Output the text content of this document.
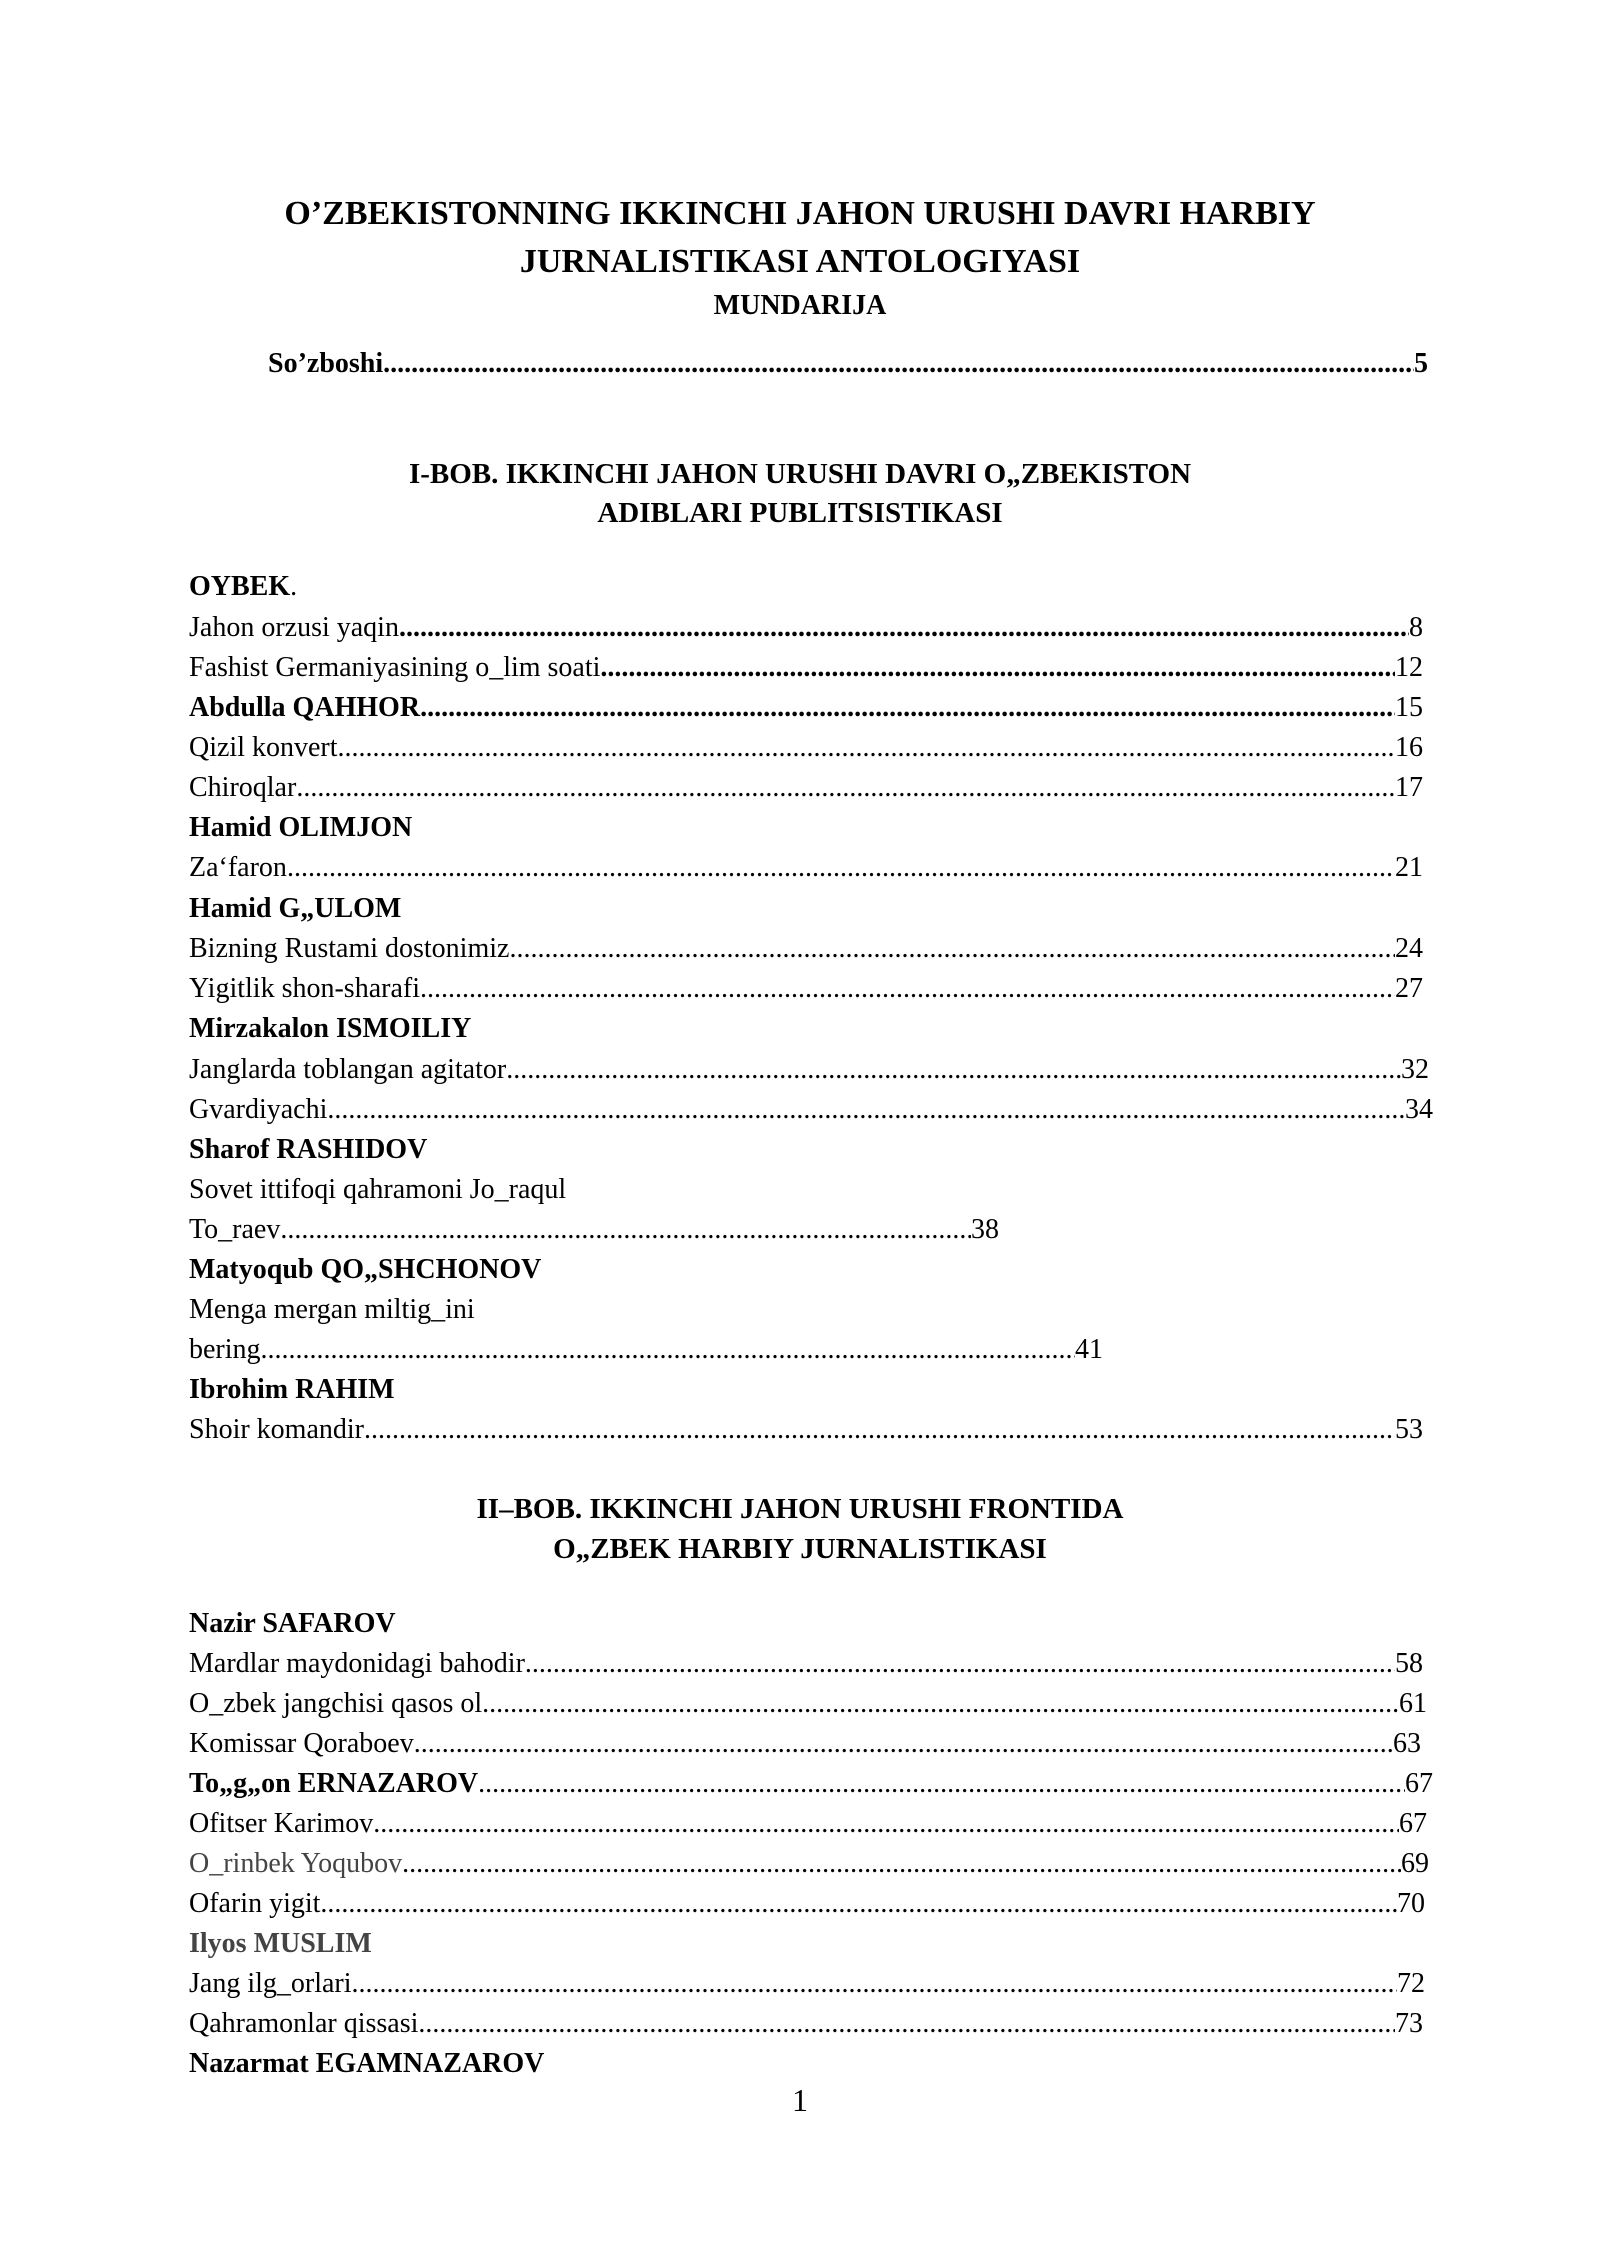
O’ZBEKISTONNING IKKINCHI JAHON URUSHI DAVRI HARBIY
JURNALISTIKASI ANTOLOGIYASI
MUNDARIJA
So’zboshi .....	5
I-BOB. IKKINCHI JAHON URUSHI DAVRI O„ZBEKISTON
ADIBLARI PUBLITSISTIKASI
OYBEK.
Jahon orzusi yaqin .....	8
Fashist Germaniyasining o_lim soati .....	12
Abdulla QAHHOR .....	15
Qizil konvert .....	16
Chiroqlar .....	17
Hamid OLIMJON
Za‘faron .....	21
Hamid G„ULOM
Bizning Rustami dostonimiz .....	24
Yigitlik shon-sharafi .....	27
Mirzakalon ISMOILIY
Janglarda toblangan agitator .....	32
Gvardiyachi .....	34
Sharof RASHIDOV
Sovet ittifoqi qahramoni Jo_raqul
To_raev .....	38
Matyoqub QO„SHCHONOV
Menga mergan miltig_ini
bering .....	41
Ibrohim RAHIM
Shoir komandir .....	53
II–BOB. IKKINCHI JAHON URUSHI FRONTIDA
O„ZBEK HARBIY JURNALISTIKASI
Nazir SAFAROV
Mardlar maydonidagi bahodir .....	58
O_zbek jangchisi qasos ol .....	61
Komissar Qoraboev .....	63
To„g„on ERNAZAROV .....	67
Ofitser Karimov .....	67
O_rinbek Yoqubov .....	69
Ofarin yigit .....	70
Ilyos MUSLIM
Jang ilg_orlari .....	72
Qahramonlar qissasi .....	73
Nazarmat EGAMNAZAROV
1
